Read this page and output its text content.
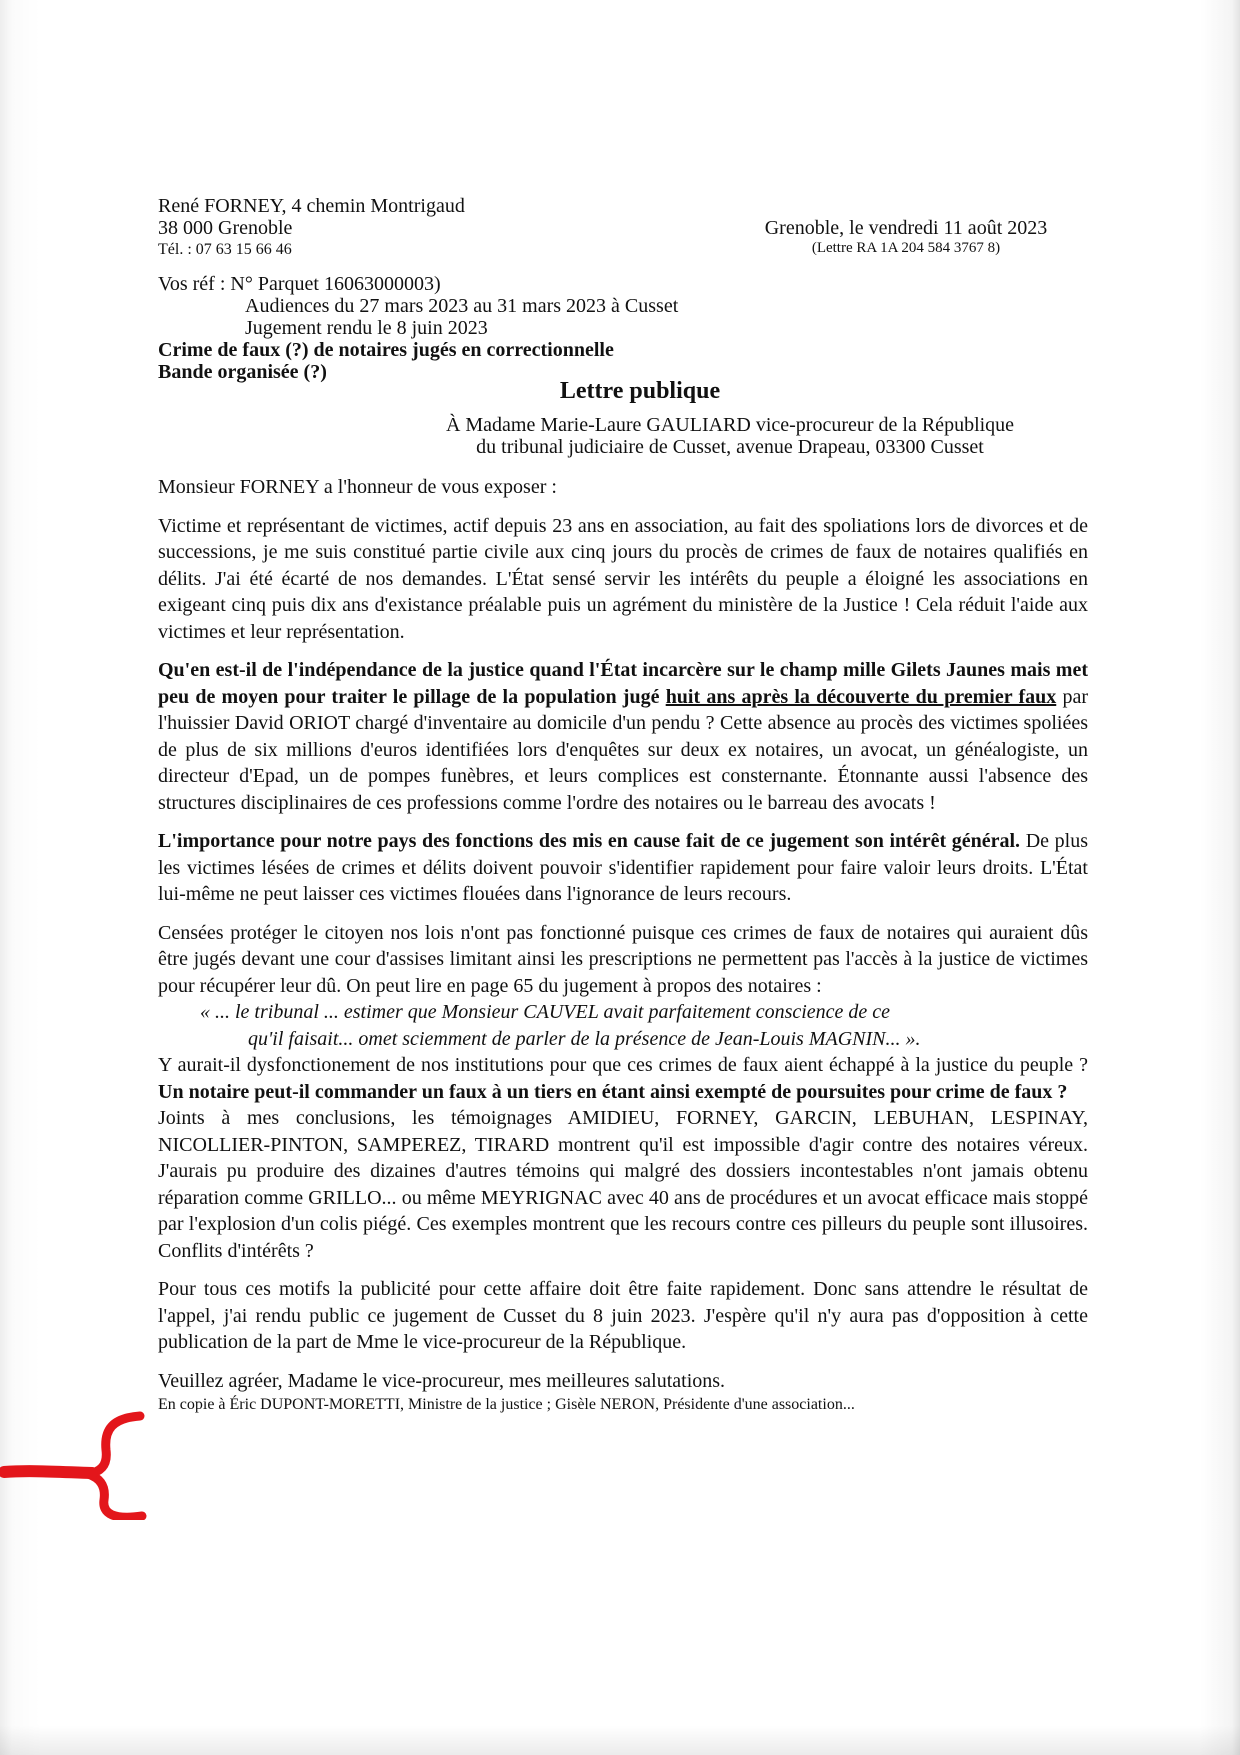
René FORNEY, 4 chemin Montrigaud
38 000 Grenoble
Tél. : 07 63 15 66 46
Grenoble, le vendredi 11 août 2023
(Lettre RA 1A 204 584 3767 8)
Vos réf : N° Parquet 16063000003)
Audiences du 27 mars 2023 au 31 mars 2023 à Cusset
Jugement rendu le 8 juin 2023
Crime de faux (?) de notaires jugés en correctionnelle
Bande organisée (?)
Lettre publique
À Madame Marie-Laure GAULIARD vice-procureur de la République
du tribunal judiciaire de Cusset, avenue Drapeau, 03300 Cusset

Monsieur FORNEY a l'honneur de vous exposer :

Victime et représentant de victimes, actif depuis 23 ans en association, au fait des spoliations lors de divorces et de successions, je me suis constitué partie civile aux cinq jours du procès de crimes de faux de notaires qualifiés en délits. J'ai été écarté de nos demandes. L'État sensé servir les intérêts du peuple a éloigné les associations en exigeant cinq puis dix ans d'existance préalable puis un agrément du ministère de la Justice ! Cela réduit l'aide aux victimes et leur représentation.

Qu'en est-il de l'indépendance de la justice quand l'État incarcère sur le champ mille Gilets Jaunes mais met peu de moyen pour traiter le pillage de la population jugé huit ans après la découverte du premier faux par l'huissier David ORIOT chargé d'inventaire au domicile d'un pendu ? Cette absence au procès des victimes spoliées de plus de six millions d'euros identifiées lors d'enquêtes sur deux ex notaires, un avocat, un généalogiste, un directeur d'Epad, un de pompes funèbres, et leurs complices est consternante. Étonnante aussi l'absence des structures disciplinaires de ces professions comme l'ordre des notaires ou le barreau des avocats !

L'importance pour notre pays des fonctions des mis en cause fait de ce jugement son intérêt général. De plus les victimes lésées de crimes et délits doivent pouvoir s'identifier rapidement pour faire valoir leurs droits. L'État lui-même ne peut laisser ces victimes flouées dans l'ignorance de leurs recours.

Censées protéger le citoyen nos lois n'ont pas fonctionné puisque ces crimes de faux de notaires qui auraient dûs être jugés devant une cour d'assises limitant ainsi les prescriptions ne permettent pas l'accès à la justice de victimes pour récupérer leur dû. On peut lire en page 65 du jugement à propos des notaires :

« ... le tribunal ... estimer que Monsieur CAUVEL avait parfaitement conscience de ce
qu'il faisait... omet sciemment de parler de la présence de Jean-Louis MAGNIN... ».

Y aurait-il dysfonctionement de nos institutions pour que ces crimes de faux aient échappé à la justice du peuple ? Un notaire peut-il commander un faux à un tiers en étant ainsi exempté de poursuites pour crime de faux ?

Joints à mes conclusions, les témoignages AMIDIEU, FORNEY, GARCIN, LEBUHAN, LESPINAY, NICOLLIER-PINTON, SAMPEREZ, TIRARD montrent qu'il est impossible d'agir contre des notaires véreux. J'aurais pu produire des dizaines d'autres témoins qui malgré des dossiers incontestables n'ont jamais obtenu réparation comme GRILLO... ou même MEYRIGNAC avec 40 ans de procédures et un avocat efficace mais stoppé par l'explosion d'un colis piégé. Ces exemples montrent que les recours contre ces pilleurs du peuple sont illusoires. Conflits d'intérêts ?

Pour tous ces motifs la publicité pour cette affaire doit être faite rapidement. Donc sans attendre le résultat de l'appel, j'ai rendu public ce jugement de Cusset du 8 juin 2023. J'espère qu'il n'y aura pas d'opposition à cette publication de la part de Mme le vice-procureur de la République.

Veuillez agréer, Madame le vice-procureur, mes meilleures salutations.

En copie à Éric DUPONT-MORETTI, Ministre de la justice ; Gisèle NERON, Présidente d'une association...
